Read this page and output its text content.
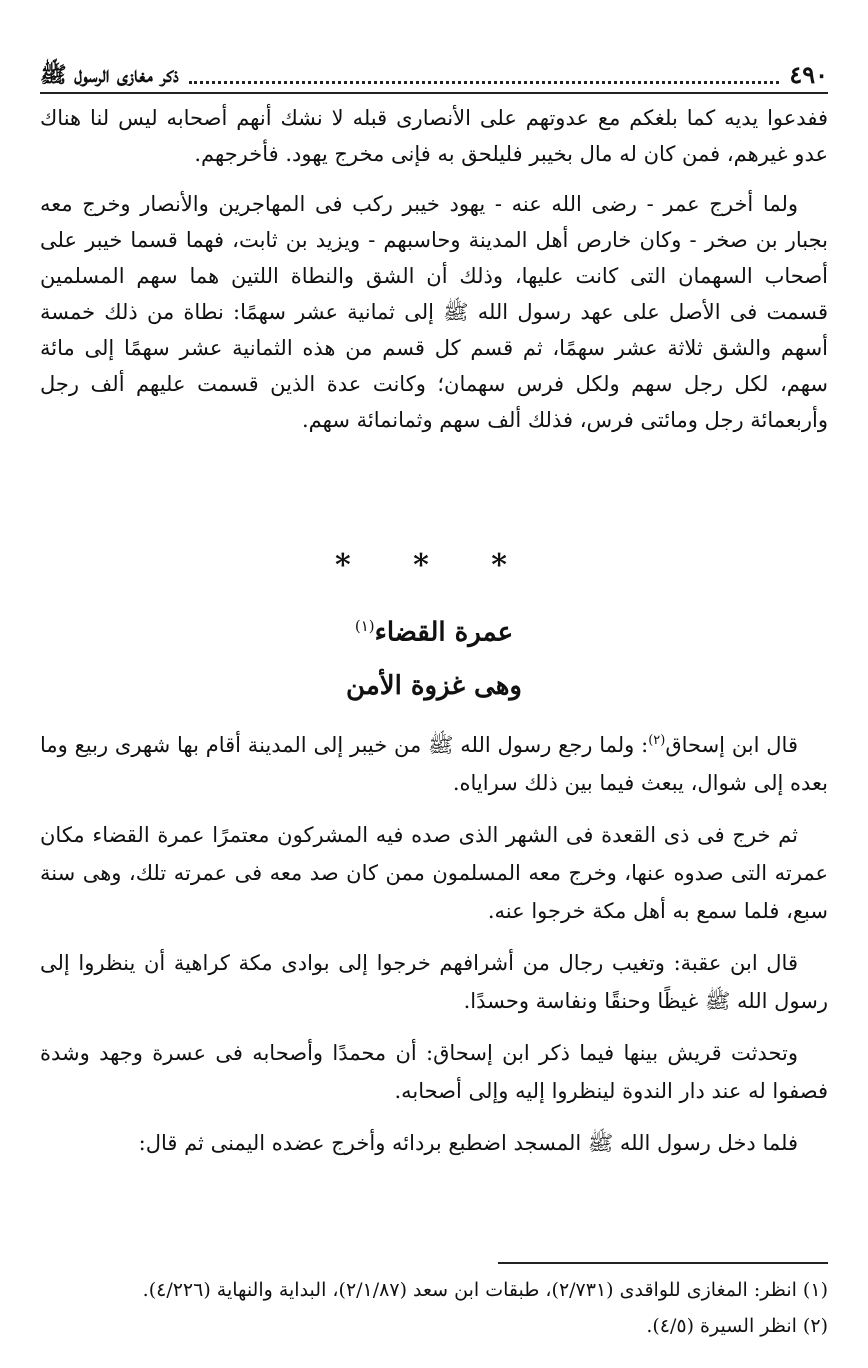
٤٩٠
ذكر مغازى الرسول ﷺ

ففدعوا يديه كما بلغكم مع عدوتهم على الأنصارى قبله لا نشك أنهم أصحابه ليس لنا هناك عدو غيرهم، فمن كان له مال بخيبر فليلحق به فإنى مخرج يهود. فأخرجهم.

ولما أخرج عمر - رضى الله عنه - يهود خيبر ركب فى المهاجرين والأنصار وخرج معه بجبار بن صخر - وكان خارص أهل المدينة وحاسبهم - ويزيد بن ثابت، فهما قسما خيبر على أصحاب السهمان التى كانت عليها، وذلك أن الشق والنطاة اللتين هما سهم المسلمين قسمت فى الأصل على عهد رسول الله ﷺ إلى ثمانية عشر سهمًا: نطاة من ذلك خمسة أسهم والشق ثلاثة عشر سهمًا، ثم قسم كل قسم من هذه الثمانية عشر سهمًا إلى مائة سهم، لكل رجل سهم ولكل فرس سهمان؛ وكانت عدة الذين قسمت عليهم ألف رجل وأربعمائة رجل ومائتى فرس، فذلك ألف سهم وثمانمائة سهم.

* * *
عمرة القضاء$^{(١)}$
وهى غزوة الأمن

قال ابن إسحاق$^{(٢)}$: ولما رجع رسول الله ﷺ من خيبر إلى المدينة أقام بها شهرى ربيع وما بعده إلى شوال، يبعث فيما بين ذلك سراياه.

ثم خرج فى ذى القعدة فى الشهر الذى صده فيه المشركون معتمرًا عمرة القضاء مكان عمرته التى صدوه عنها، وخرج معه المسلمون ممن كان صد معه فى عمرته تلك، وهى سنة سبع، فلما سمع به أهل مكة خرجوا عنه.

قال ابن عقبة: وتغيب رجال من أشرافهم خرجوا إلى بوادى مكة كراهية أن ينظروا إلى رسول الله ﷺ غيظًا وحنقًا ونفاسة وحسدًا.

وتحدثت قريش بينها فيما ذكر ابن إسحاق: أن محمدًا وأصحابه فى عسرة وجهد وشدة فصفوا له عند دار الندوة لينظروا إليه وإلى أصحابه.

فلما دخل رسول الله ﷺ المسجد اضطبع بردائه وأخرج عضده اليمنى ثم قال:

(١) انظر: المغازى للواقدى (٢/٧٣١)، طبقات ابن سعد (٢/١/٨٧)، البداية والنهاية (٤/٢٢٦).

(٢) انظر السيرة (٤/٥).
